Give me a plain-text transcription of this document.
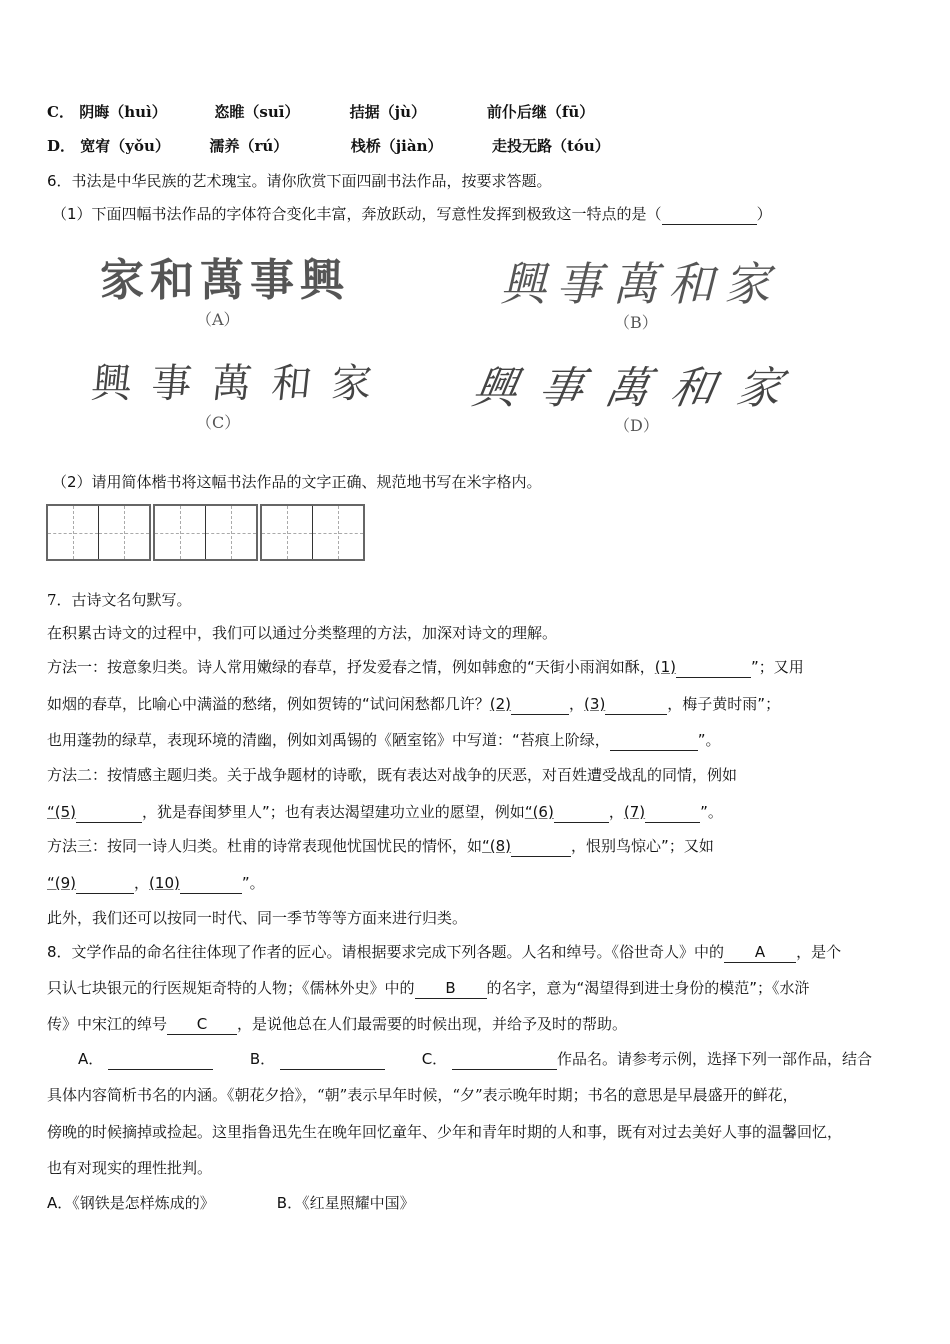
C． 阴晦（huì）	恣睢（suī）	拮据（jù）	前仆后继（fū）
D． 宽宥（yǒu）	濡养（rú）	栈桥（jiàn）	走投无路（tóu）
6．书法是中华民族的艺术瑰宝。请你欣赏下面四副书法作品，按要求答题。
（1）下面四幅书法作品的字体符合变化丰富，奔放跃动，写意性发挥到极致这一特点的是（	）
家和萬事興
（A）
興事萬和家
（B）
興事萬和家
（C）
興事萬和家
（D）
（2）请用简体楷书将这幅书法作品的文字正确、规范地书写在米字格内。
7．古诗文名句默写。
在积累古诗文的过程中，我们可以通过分类整理的方法，加深对诗文的理解。
方法一：按意象归类。诗人常用嫩绿的春草，抒发爱春之情，例如韩愈的“天街小雨润如酥，(1)	”；又用
如烟的春草，比喻心中满溢的愁绪，例如贺铸的“试问闲愁都几许？(2)	，(3)	，梅子黄时雨”；
也用蓬勃的绿草，表现环境的清幽，例如刘禹锡的《陋室铭》中写道：“苔痕上阶绿，	”。
方法二：按情感主题归类。关于战争题材的诗歌，既有表达对战争的厌恶，对百姓遭受战乱的同情，例如
“(5)	，犹是春闺梦里人”；也有表达渴望建功立业的愿望，例如“(6)	，(7)	”。
方法三：按同一诗人归类。杜甫的诗常表现他忧国忧民的情怀，如“(8)	，恨别鸟惊心”；又如
“(9)	，(10)	”。
此外，我们还可以按同一时代、同一季节等等方面来进行归类。
8．文学作品的命名往往体现了作者的匠心。请根据要求完成下列各题。人名和绰号。《俗世奇人》中的 A ，是个
只认七块银元的行医规矩奇特的人物；《儒林外史》中的 B 的名字，意为“渴望得到进士身份的模范”；《水浒
传》中宋江的绰号 C ，是说他总在人们最需要的时候出现，并给予及时的帮助。
A．	B．	C．	作品名。请参考示例，选择下列一部作品，结合
具体内容简析书名的内涵。《朝花夕拾》，“朝”表示早年时候，“夕”表示晚年时期；书名的意思是早晨盛开的鲜花，
傍晚的时候摘掉或捡起。这里指鲁迅先生在晚年回忆童年、少年和青年时期的人和事，既有对过去美好人事的温馨回忆，
也有对现实的理性批判。
A．《钢铁是怎样炼成的》	B．《红星照耀中国》
